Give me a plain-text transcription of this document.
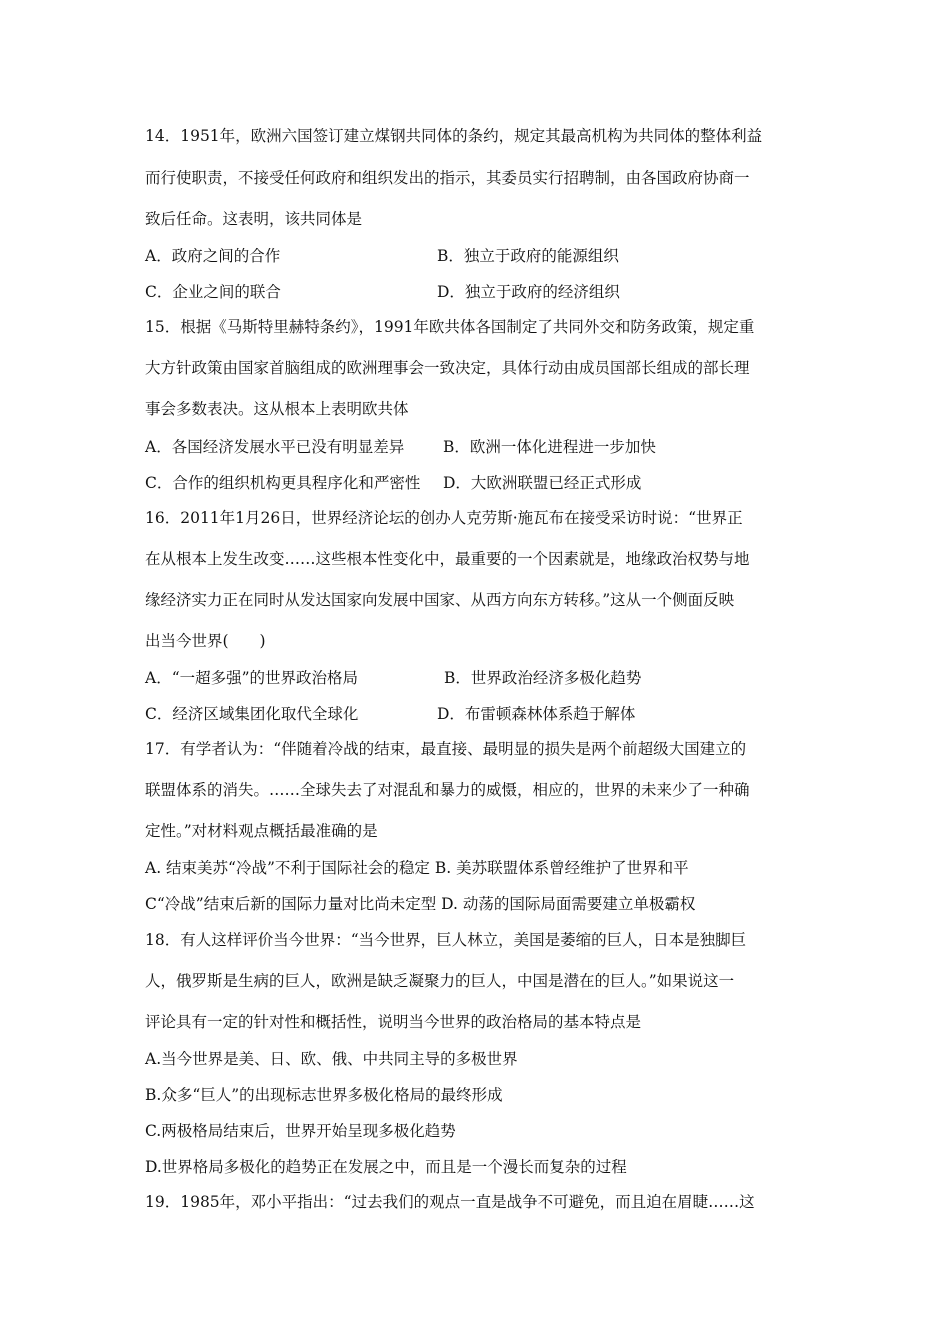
14．1951年，欧洲六国签订建立煤钢共同体的条约，规定其最高机构为共同体的整体利益
而行使职责，不接受任何政府和组织发出的指示，其委员实行招聘制，由各国政府协商一
致后任命。这表明，该共同体是
A．政府之间的合作	B．独立于政府的能源组织
C．企业之间的联合	D．独立于政府的经济组织
15．根据《马斯特里赫特条约》，1991年欧共体各国制定了共同外交和防务政策，规定重
大方针政策由国家首脑组成的欧洲理事会一致决定，具体行动由成员国部长组成的部长理
事会多数表决。这从根本上表明欧共体
A．各国经济发展水平已没有明显差异	B．欧洲一体化进程进一步加快
C．合作的组织机构更具程序化和严密性 D．大欧洲联盟已经正式形成
16．2011年1月26日，世界经济论坛的创办人克劳斯·施瓦布在接受采访时说：“世界正
在从根本上发生改变……这些根本性变化中，最重要的一个因素就是，地缘政治权势与地
缘经济实力正在同时从发达国家向发展中国家、从西方向东方转移。”这从一个侧面反映
出当今世界(　　)
A．“一超多强”的世界政治格局	B．世界政治经济多极化趋势
C．经济区域集团化取代全球化	D．布雷顿森林体系趋于解体
17．有学者认为：“伴随着冷战的结束，最直接、最明显的损失是两个前超级大国建立的
联盟体系的消失。……全球失去了对混乱和暴力的威慑，相应的，世界的未来少了一种确
定性。”对材料观点概括最准确的是
A. 结束美苏“冷战”不利于国际社会的稳定 B. 美苏联盟体系曾经维护了世界和平
C“冷战”结束后新的国际力量对比尚未定型 D. 动荡的国际局面需要建立单极霸权
18．有人这样评价当今世界：“当今世界，巨人林立，美国是萎缩的巨人，日本是独脚巨
人，俄罗斯是生病的巨人，欧洲是缺乏凝聚力的巨人，中国是潜在的巨人。”如果说这一
评论具有一定的针对性和概括性，说明当今世界的政治格局的基本特点是
A.当今世界是美、日、欧、俄、中共同主导的多极世界
B.众多“巨人”的出现标志世界多极化格局的最终形成
C.两极格局结束后，世界开始呈现多极化趋势
D.世界格局多极化的趋势正在发展之中，而且是一个漫长而复杂的过程
19．1985年，邓小平指出：“过去我们的观点一直是战争不可避免，而且迫在眉睫……这
